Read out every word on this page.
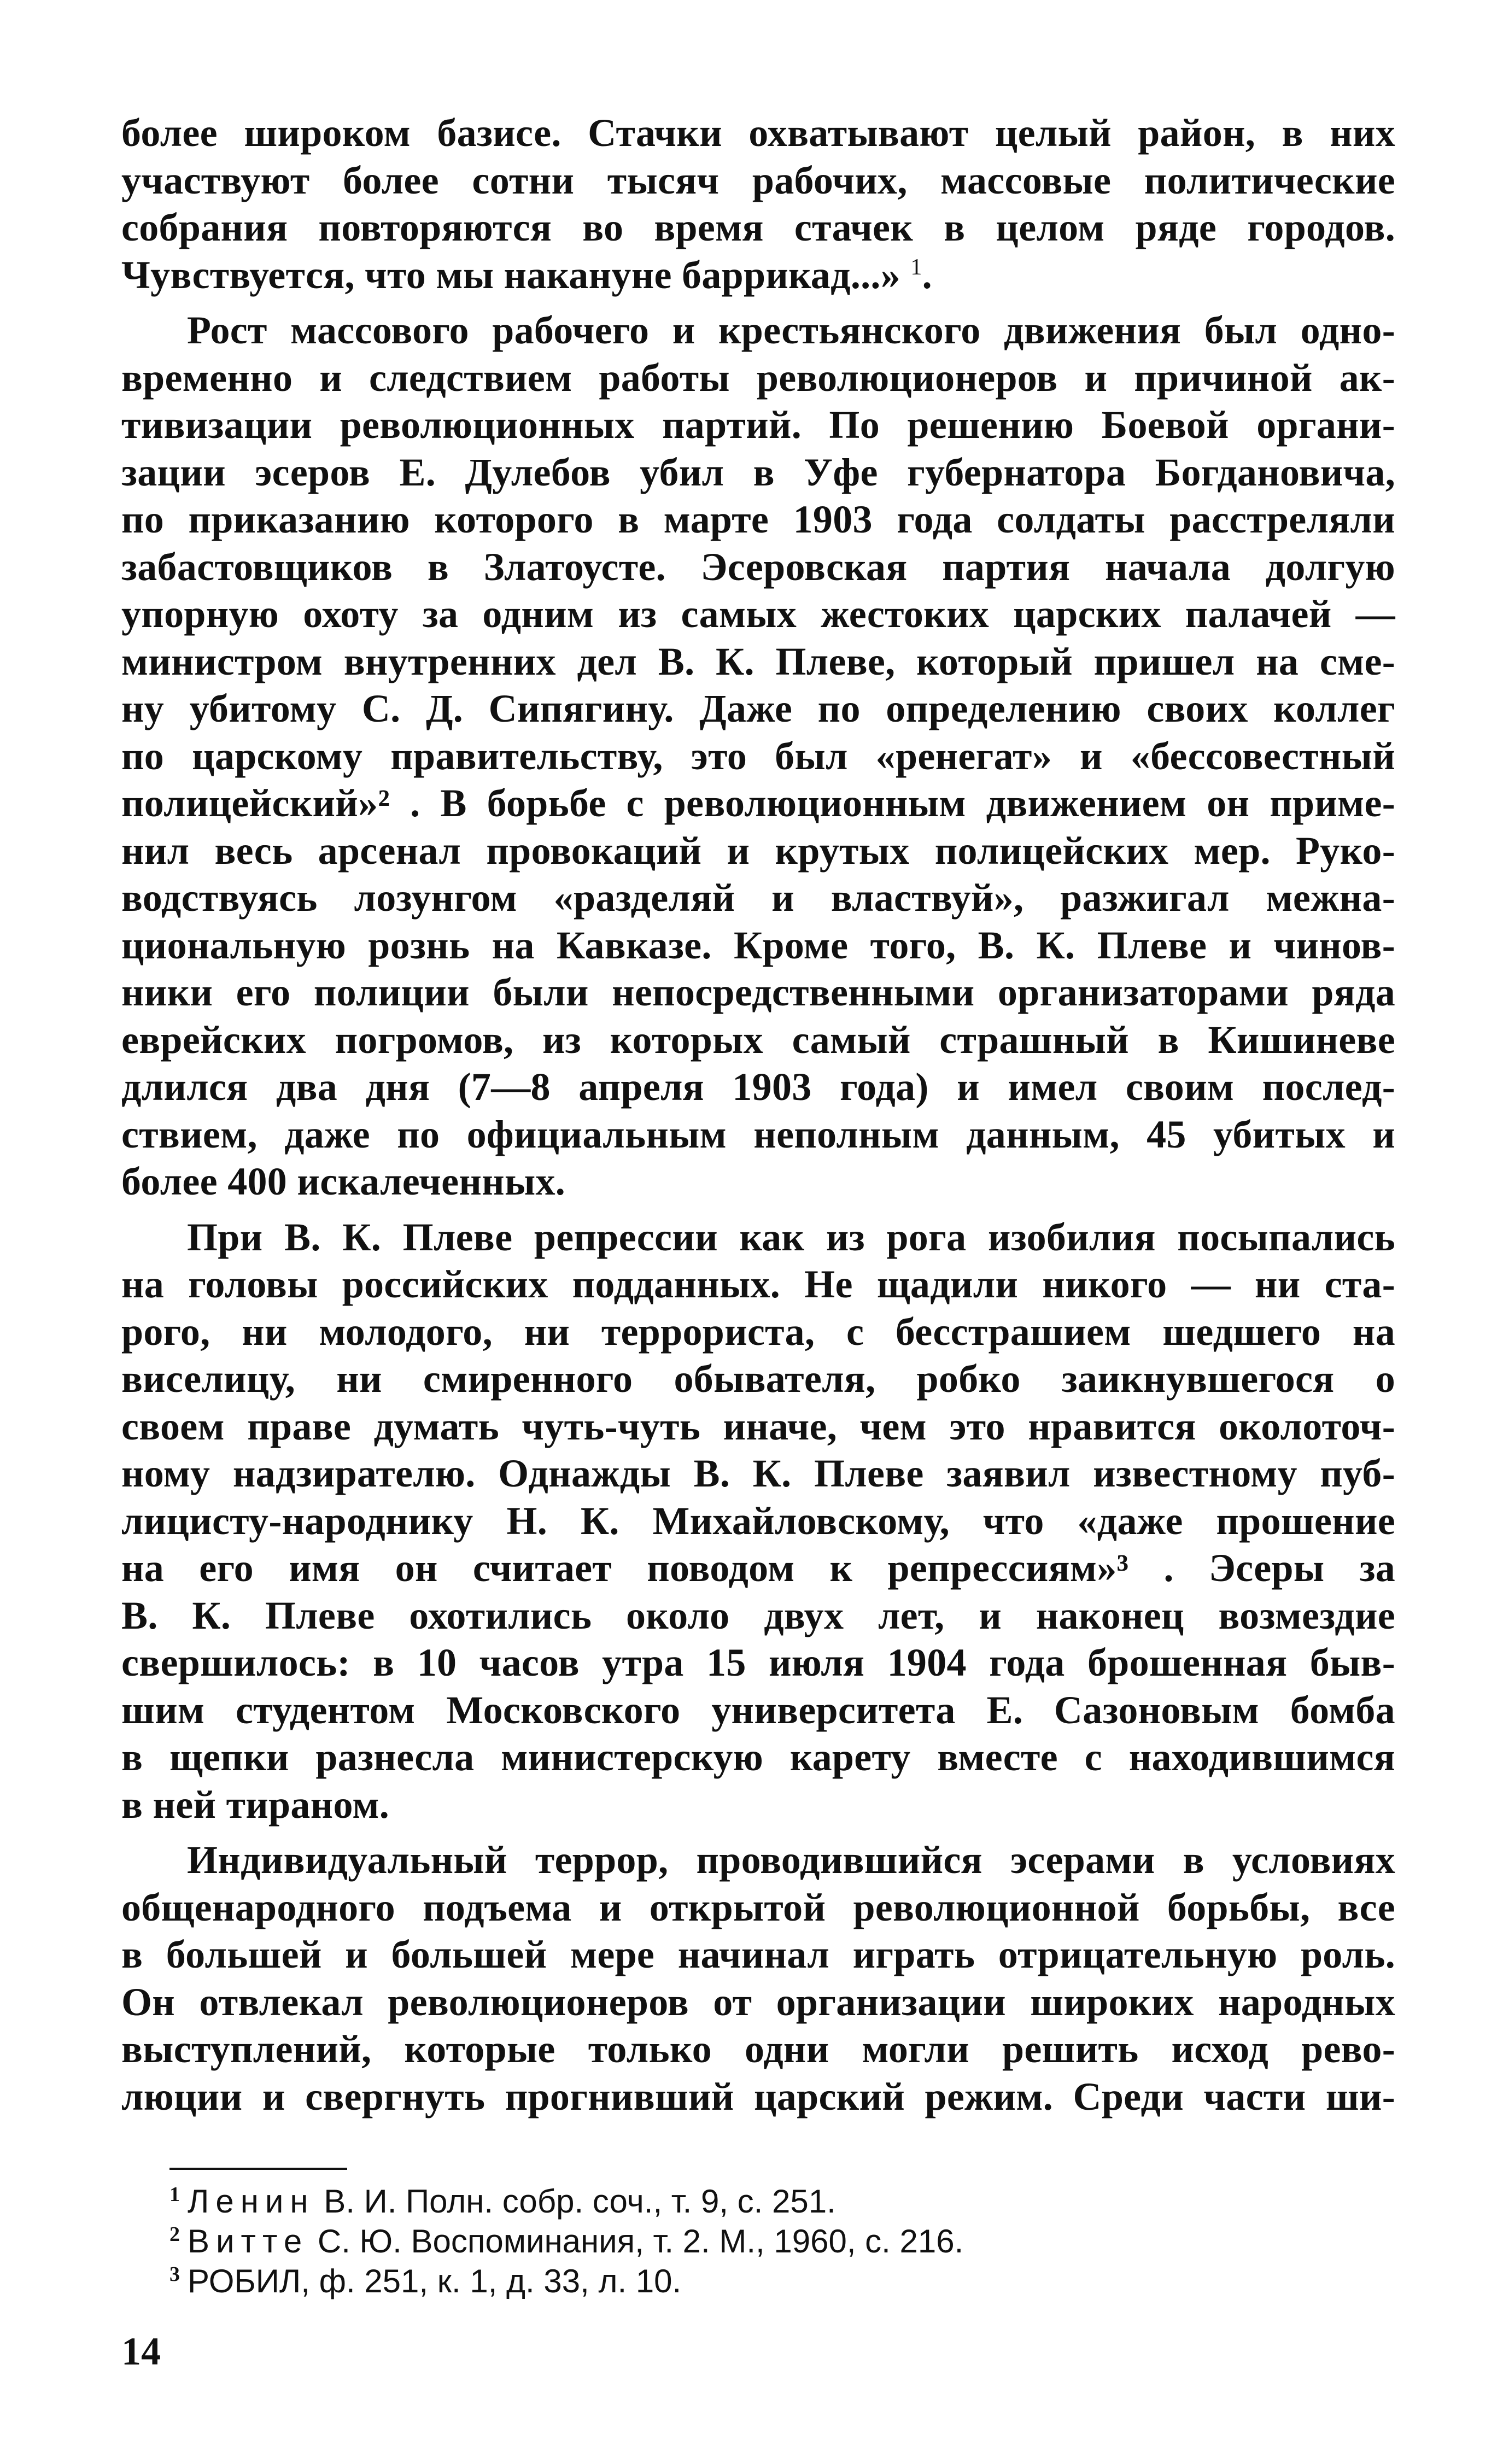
более широком базисе. Стачки охватывают целый район, в них
участвуют более сотни тысяч рабочих, массовые политические
собрания повторяются во время стачек в целом ряде городов.
Чувствуется, что мы накануне баррикад...» $^1$.

Рост массового рабочего и крестьянского движения был одно-
временно и следствием работы революционеров и причиной ак-
тивизации революционных партий. По решению Боевой органи-
зации эсеров Е. Дулебов убил в Уфе губернатора Богдановича,
по приказанию которого в марте 1903 года солдаты расстреляли
забастовщиков в Златоусте. Эсеровская партия начала долгую
упорную охоту за одним из самых жестоких царских палачей —
министром внутренних дел В. К. Плеве, который пришел на сме-
ну убитому С. Д. Сипягину. Даже по определению своих коллег
по царскому правительству, это был «ренегат» и «бессовестный
полицейский»² . В борьбе с революционным движением он приме-
нил весь арсенал провокаций и крутых полицейских мер. Руко-
водствуясь лозунгом «разделяй и властвуй», разжигал межна-
циональную рознь на Кавказе. Кроме того, В. К. Плеве и чинов-
ники его полиции были непосредственными организаторами ряда
еврейских погромов, из которых самый страшный в Кишиневе
длился два дня (7—8 апреля 1903 года) и имел своим послед-
ствием, даже по официальным неполным данным, 45 убитых и
более 400 искалеченных.

При В. К. Плеве репрессии как из рога изобилия посыпались
на головы российских подданных. Не щадили никого — ни ста-
рого, ни молодого, ни террориста, с бесстрашием шедшего на
виселицу, ни смиренного обывателя, робко заикнувшегося о
своем праве думать чуть-чуть иначе, чем это нравится околоточ-
ному надзирателю. Однажды В. К. Плеве заявил известному пуб-
лицисту-народнику Н. К. Михайловскому, что «даже прошение
на его имя он считает поводом к репрессиям»³ . Эсеры за
В. К. Плеве охотились около двух лет, и наконец возмездие
свершилось: в 10 часов утра 15 июля 1904 года брошенная быв-
шим студентом Московского университета Е. Сазоновым бомба
в щепки разнесла министерскую карету вместе с находившимся
в ней тираном.

Индивидуальный террор, проводившийся эсерами в условиях
общенародного подъема и открытой революционной борьбы, все
в большей и большей мере начинал играть отрицательную роль.
Он отвлекал революционеров от организации широких народных
выступлений, которые только одни могли решить исход рево-
люции и свергнуть прогнивший царский режим. Среди части ши-

$^1$ Ленин В. И. Полн. собр. соч., т. 9, с. 251.
$^2$ Витте С. Ю. Воспоминания, т. 2. М., 1960, с. 216.
$^3$ РОБИЛ, ф. 251, к. 1, д. 33, л. 10.
14
